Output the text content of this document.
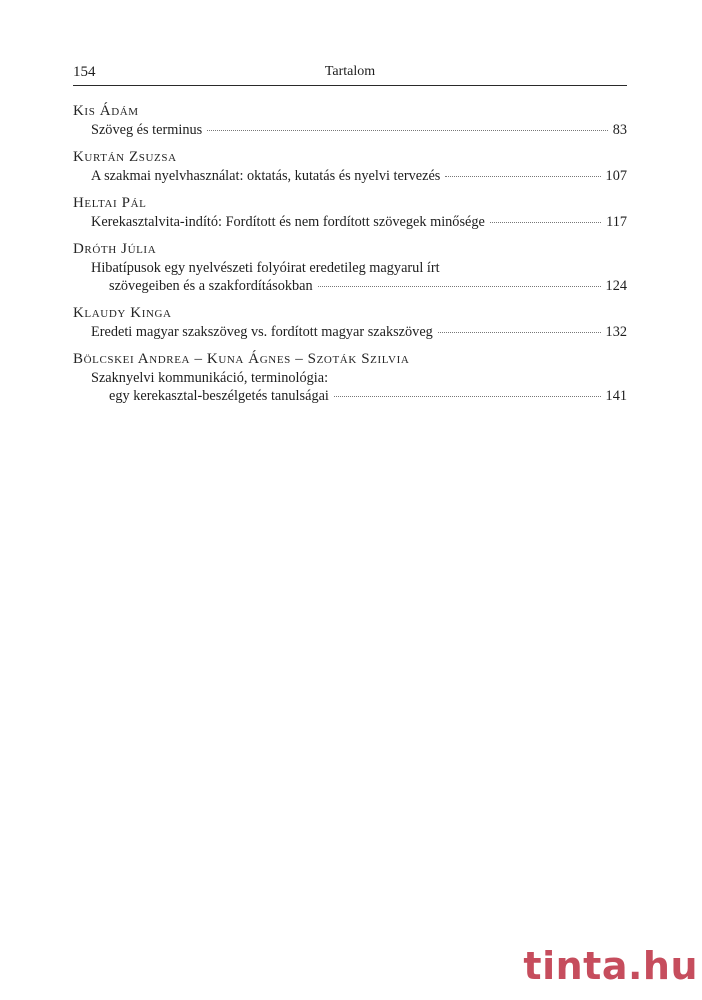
154	Tartalom
Kis Ádám
Szöveg és terminus	83
Kurtán Zsuzsa
A szakmai nyelvhasználat: oktatás, kutatás és nyelvi tervezés	107
Heltai Pál
Kerekasztalvita-indító: Fordított és nem fordított szövegek minősége	117
Dróth Júlia
Hibatípusok egy nyelvészeti folyóirat eredetileg magyarul írt
szövegeiben és a szakfordításokban	124
Klaudy Kinga
Eredeti magyar szakszöveg vs. fordított magyar szakszöveg	132
Bölcskei Andrea – Kuna Ágnes – Szoták Szilvia
Szaknyelvi kommunikáció, terminológia:
egy kerekasztal-beszélgetés tanulságai	141
tinta.hu
